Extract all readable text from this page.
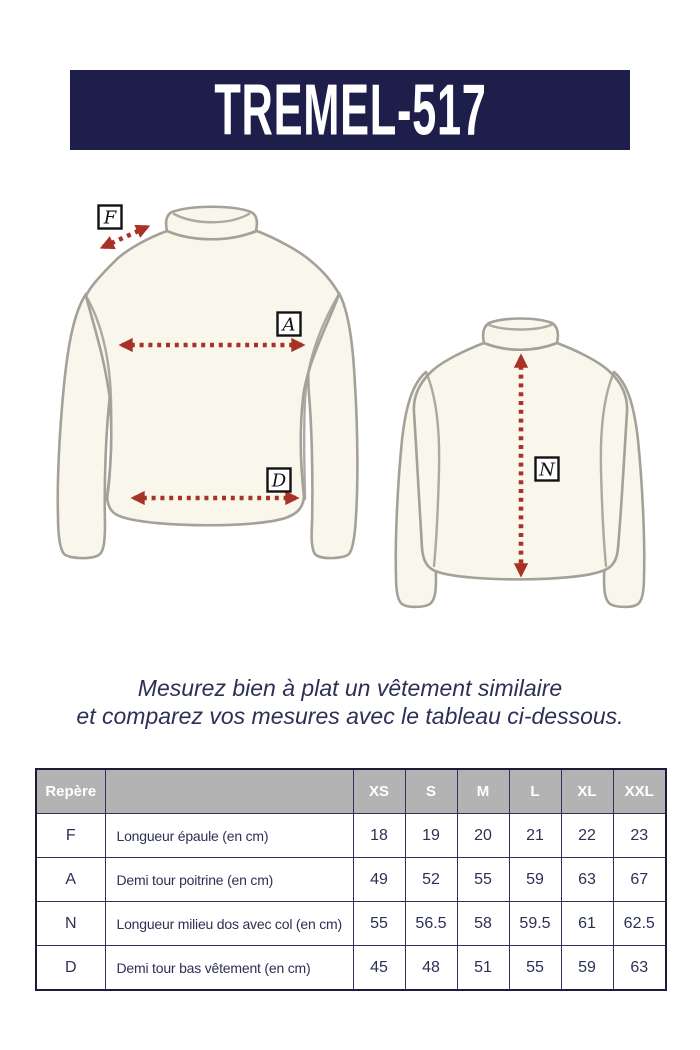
TREMEL-517
F
A
D
N
Mesurez bien à plat un vêtement similaire
et comparez vos mesures avec le tableau ci-dessous.
Repère		XS	S	M	L	XL	XXL
F	Longueur épaule (en cm)	18	19	20	21	22	23
A	Demi tour poitrine (en cm)	49	52	55	59	63	67
N	Longueur milieu dos avec col (en cm)	55	56.5	58	59.5	61	62.5
D	Demi tour bas vêtement (en cm)	45	48	51	55	59	63
